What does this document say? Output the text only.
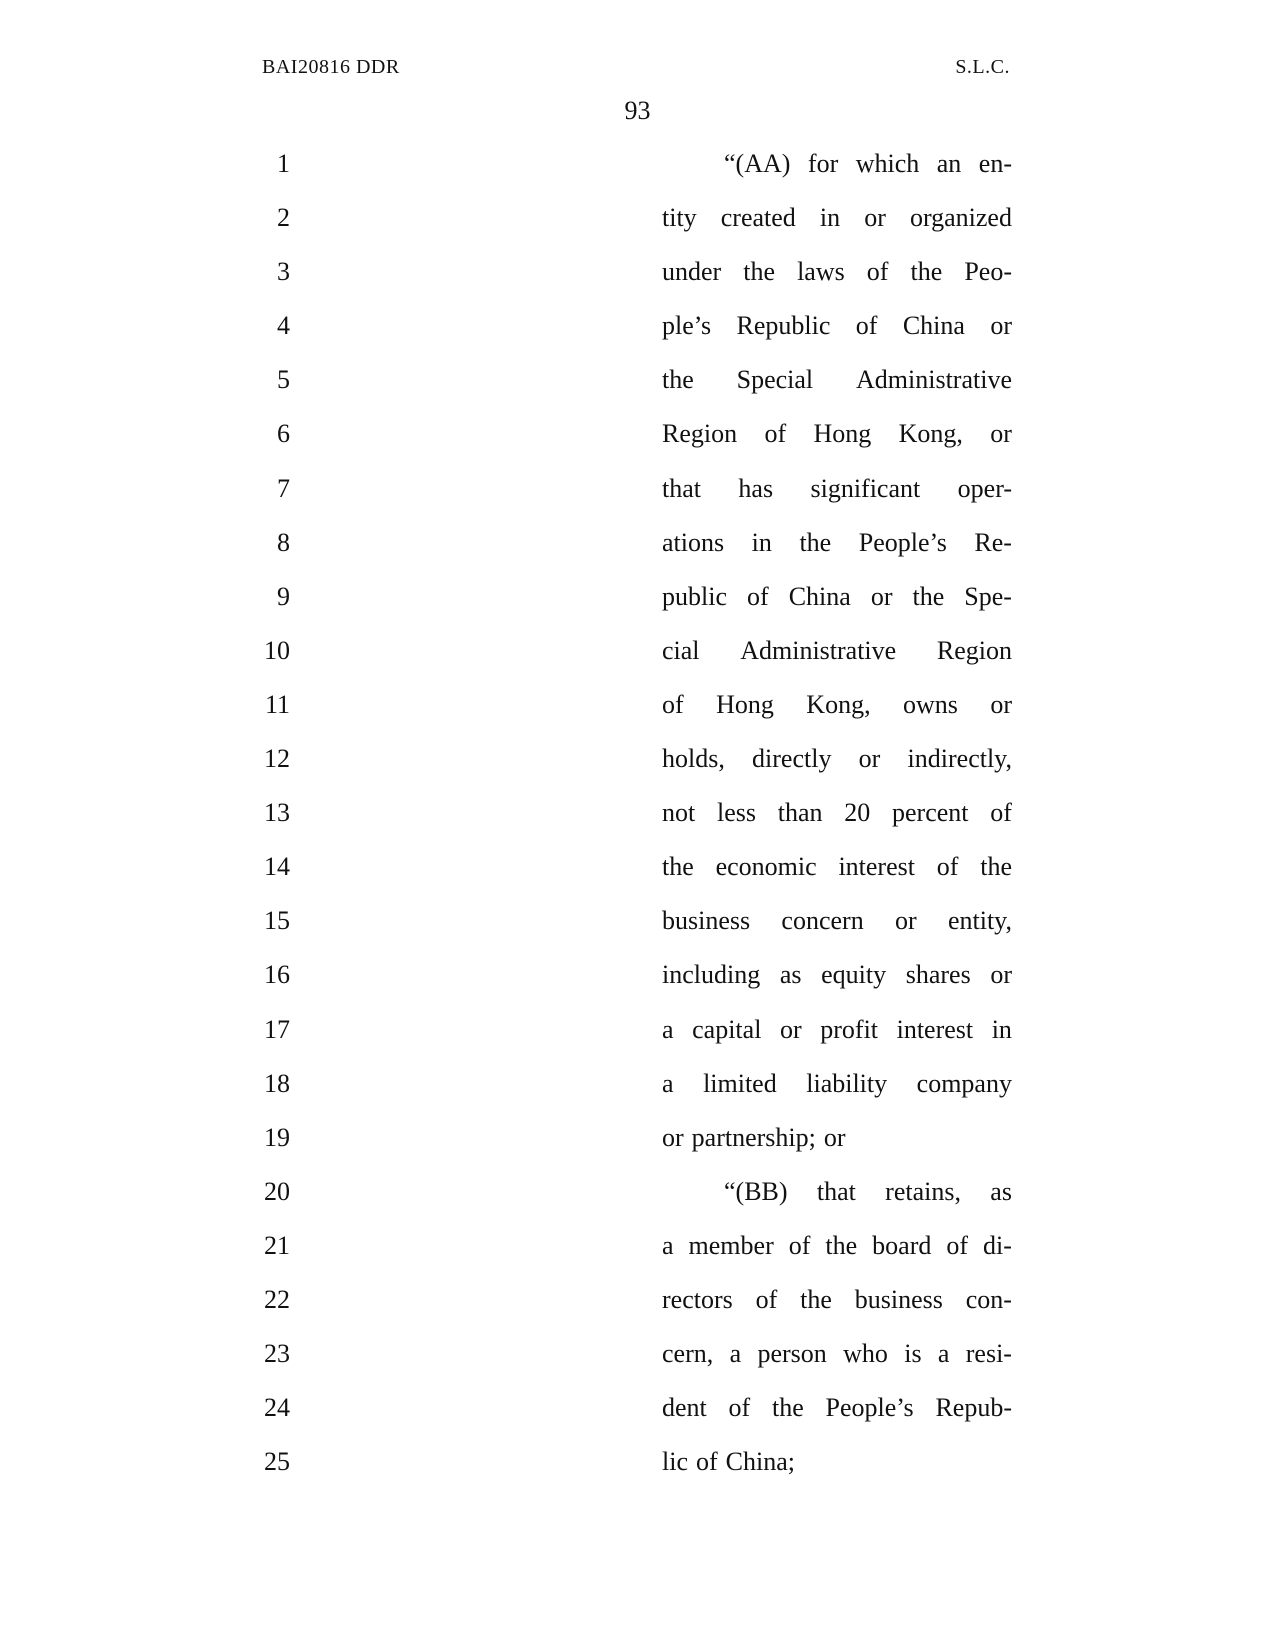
BAI20816 DDR	S.L.C.
93
1
2
3
4
5
6
7
8
9
10
11
12
13
14
15
16
17
18
19
20
21
22
23
24
25
“(AA) for which an en-
tity created in or organized
under the laws of the Peo-
ple’s Republic of China or
the Special Administrative
Region of Hong Kong, or
that has significant oper-
ations in the People’s Re-
public of China or the Spe-
cial Administrative Region
of Hong Kong, owns or
holds, directly or indirectly,
not less than 20 percent of
the economic interest of the
business concern or entity,
including as equity shares or
a capital or profit interest in
a limited liability company
or partnership; or
“(BB) that retains, as
a member of the board of di-
rectors of the business con-
cern, a person who is a resi-
dent of the People’s Repub-
lic of China;
